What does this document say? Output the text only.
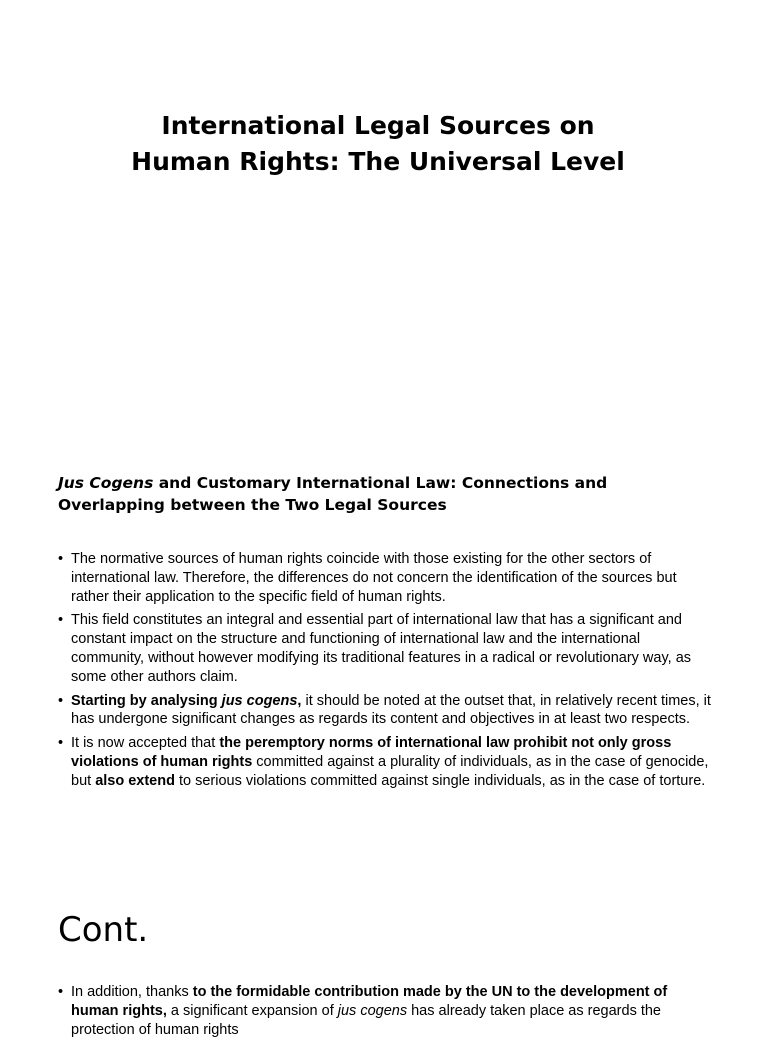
International Legal Sources on
Human Rights: The Universal Level
Jus Cogens and Customary International Law: Connections and Overlapping between the Two Legal Sources
• The normative sources of human rights coincide with those existing for the other sectors of international law. Therefore, the differences do not concern the identification of the sources but rather their application to the specific field of human rights.
• This field constitutes an integral and essential part of international law that has a significant and constant impact on the structure and functioning of international law and the international community, without however modifying its traditional features in a radical or revolutionary way, as some other authors claim.
• Starting by analysing jus cogens, it should be noted at the outset that, in relatively recent times, it has undergone significant changes as regards its content and objectives in at least two respects.
• It is now accepted that the peremptory norms of international law prohibit not only gross violations of human rights committed against a plurality of individuals, as in the case of genocide, but also extend to serious violations committed against single individuals, as in the case of torture.
Cont.
• In addition, thanks to the formidable contribution made by the UN to the development of human rights, a significant expansion of jus cogens has already taken place as regards the protection of human rights
